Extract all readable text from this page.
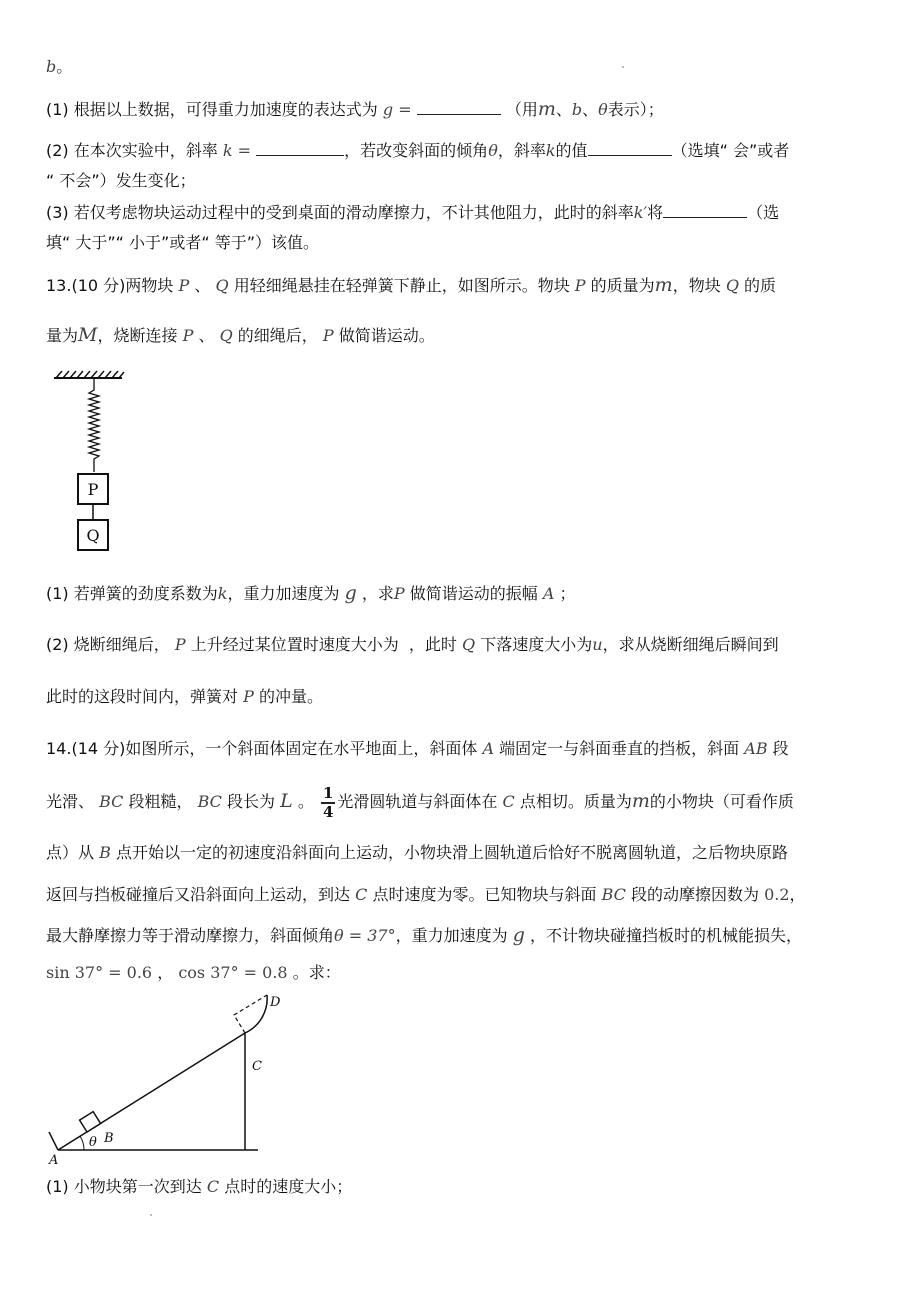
b。
(1) 根据以上数据，可得重力加速度的表达式为 g =	（用m、b、θ表示）；
(2) 在本次实验中，斜率 k =	，若改变斜面的倾角θ，斜率k的值	（选填“ 会”或者
“ 不会”）发生变化；
(3) 若仅考虑物块运动过程中的受到桌面的滑动摩擦力，不计其他阻力，此时的斜率k′将	（选
填“ 大于”“ 小于”或者“ 等于”）该值。
13.(10 分)两物块 P 、 Q 用轻细绳悬挂在轻弹簧下静止，如图所示。物块 P 的质量为m，物块 Q 的质
量为M，烧断连接 P 、 Q 的细绳后， P 做简谐运动。
P
Q
(1) 若弹簧的劲度系数为k，重力加速度为 g ，求P 做简谐运动的振幅 A ；
(2) 烧断细绳后， P 上升经过某位置时速度大小为 ，此时 Q 下落速度大小为u，求从烧断细绳后瞬间到
此时的这段时间内，弹簧对 P 的冲量。
14.(14 分)如图所示，一个斜面体固定在水平地面上，斜面体 A 端固定一与斜面垂直的挡板，斜面 AB 段
光滑、 BC 段粗糙， BC 段长为 L 。 $\frac{1}{4}$ 光滑圆轨道与斜面体在 C 点相切。质量为m的小物块（可看作质
点）从 B 点开始以一定的初速度沿斜面向上运动，小物块滑上圆轨道后恰好不脱离圆轨道，之后物块原路
返回与挡板碰撞后又沿斜面向上运动，到达 C 点时速度为零。已知物块与斜面 BC 段的动摩擦因数为 0.2，
最大静摩擦力等于滑动摩擦力，斜面倾角θ = 37°，重力加速度为 g ，不计物块碰撞挡板时的机械能损失，
sin 37° = 0.6 ， cos 37° = 0.8 。求：
θ B
A
C
D
(1) 小物块第一次到达 C 点时的速度大小；
